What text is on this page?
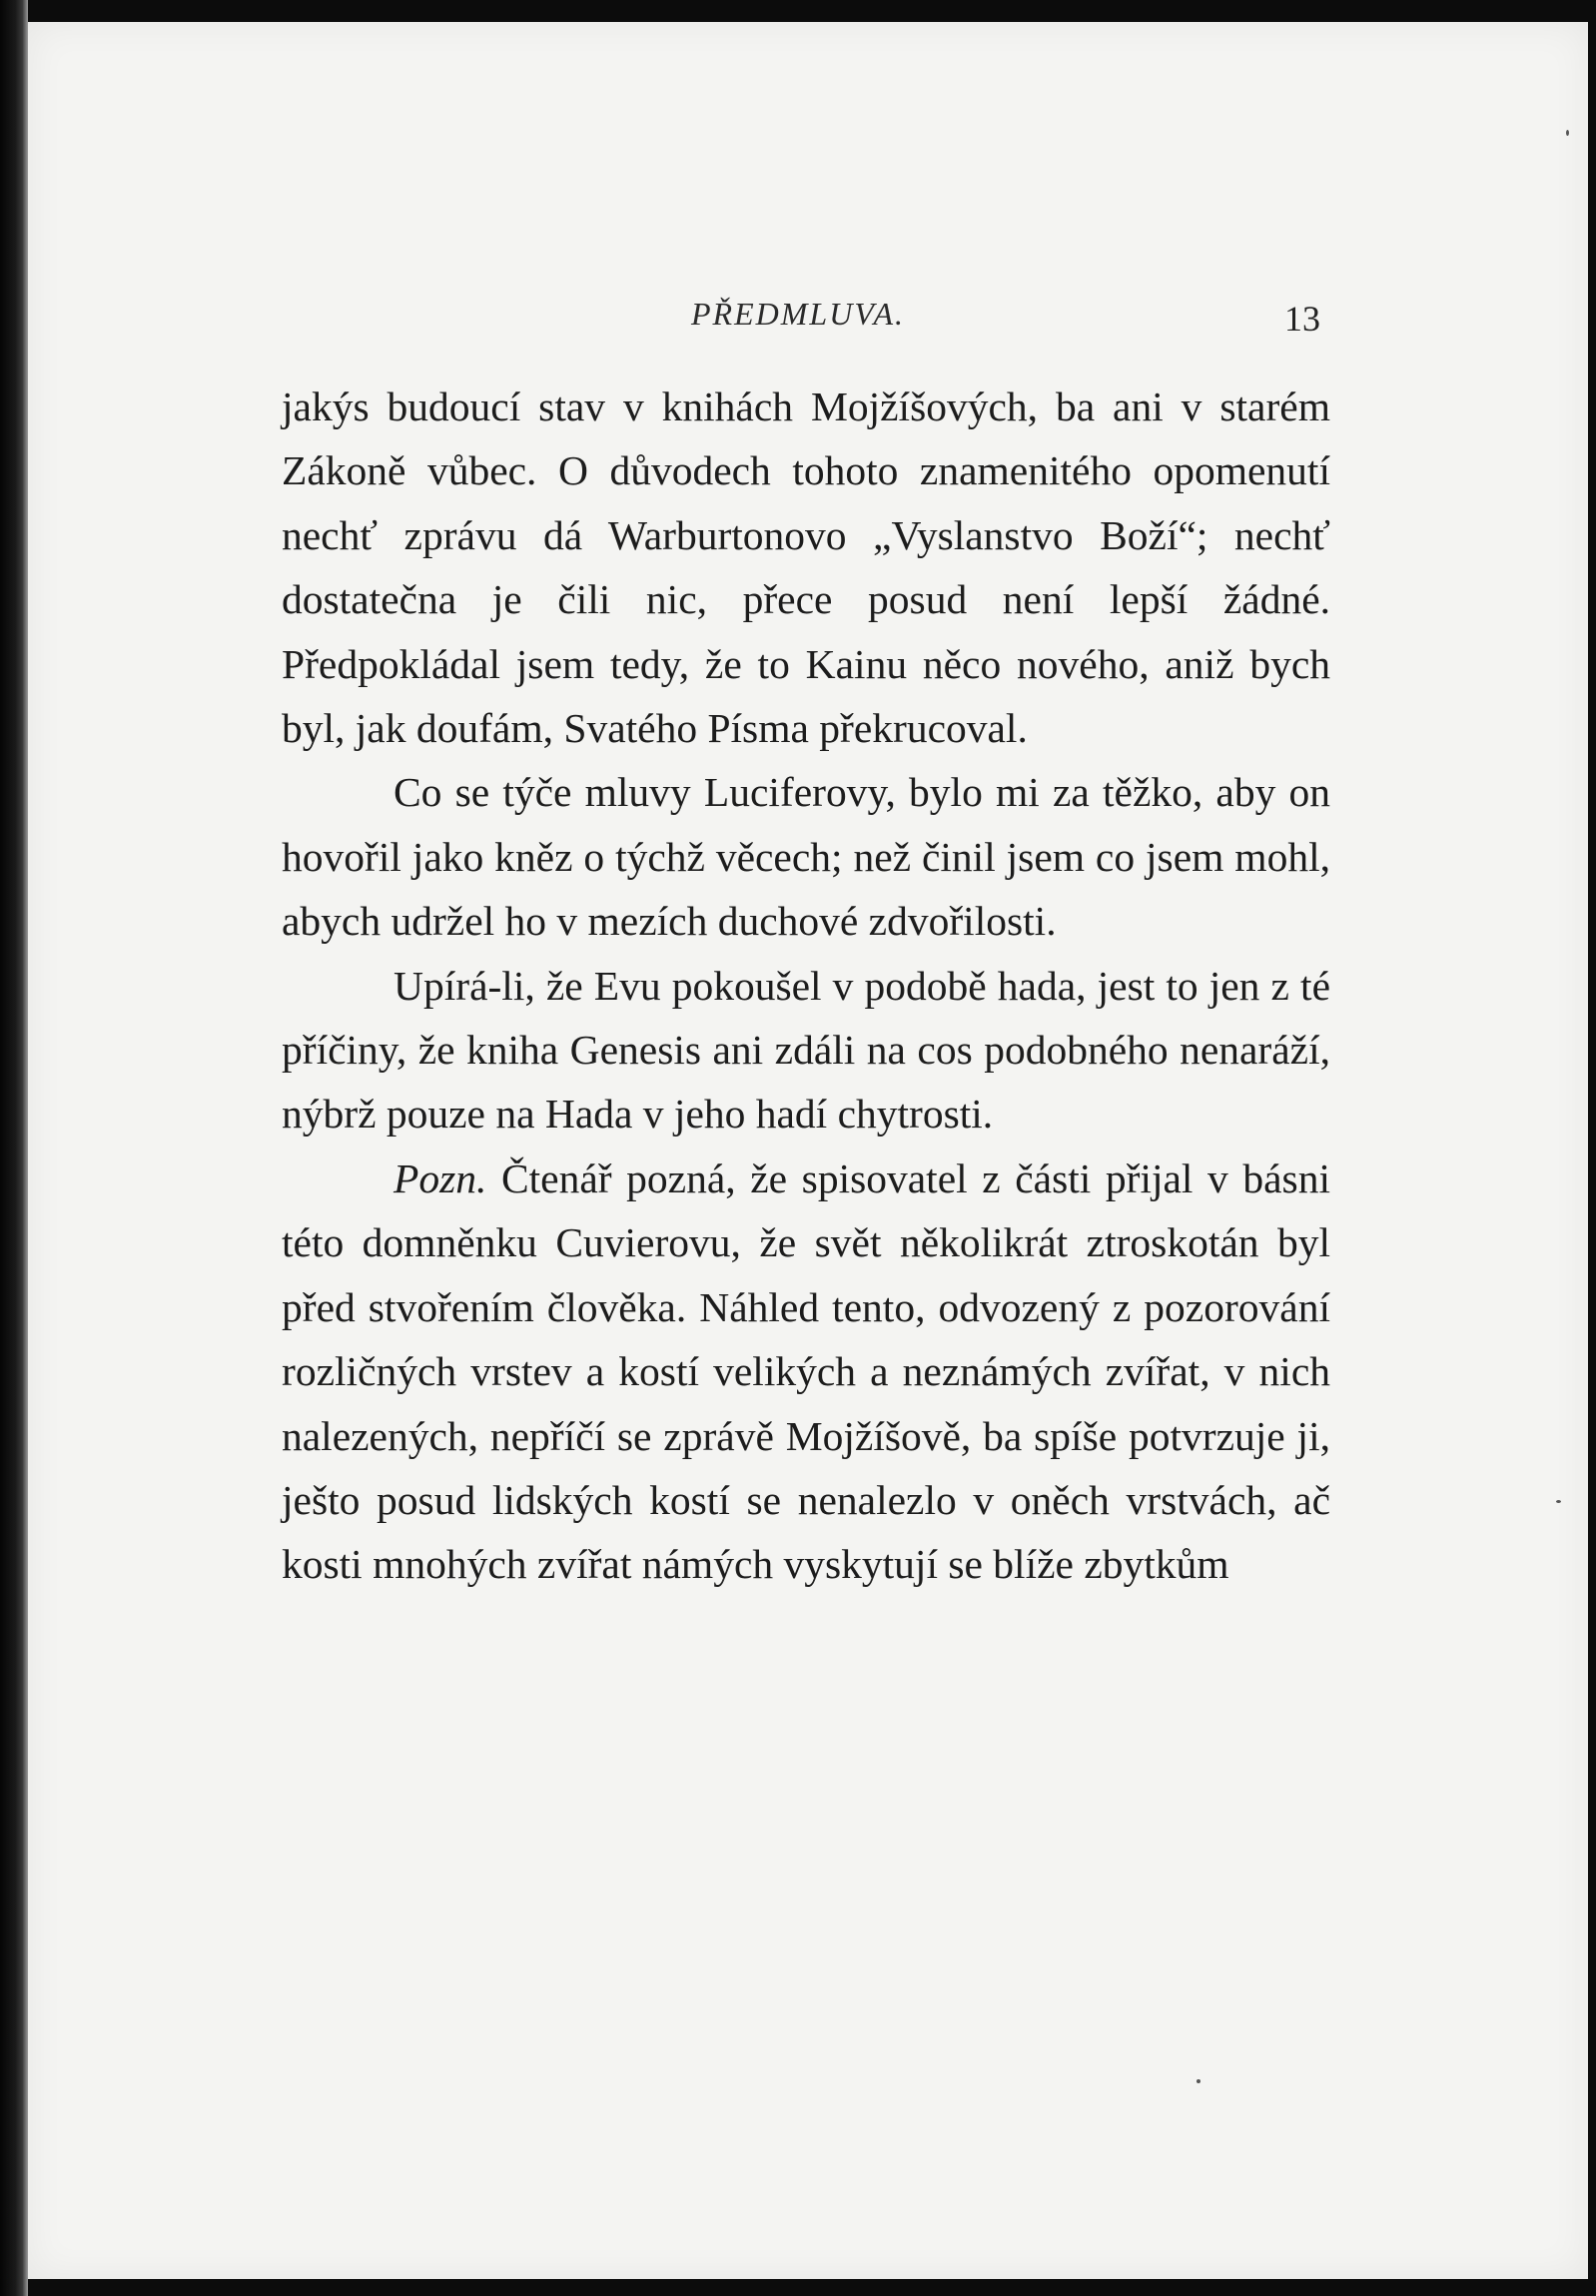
PŘEDMLUVA.	13

jakýs budoucí stav v knihách Mojžíšových, ba ani v starém Zákoně vůbec. O důvodech tohoto znamenitého opomenutí nechť zprávu dá Warburtonovo „Vyslanstvo Boží“; nechť dostatečna je čili nic, přece posud není lepší žádné. Předpokládal jsem tedy, že to Kainu něco nového, aniž bych byl, jak doufám, Svatého Písma překrucoval.

Co se týče mluvy Luciferovy, bylo mi za těžko, aby on hovořil jako kněz o týchž věcech; než činil jsem co jsem mohl, abych udržel ho v mezích duchové zdvořilosti.

Upírá-li, že Evu pokoušel v podobě hada, jest to jen z té příčiny, že kniha Genesis ani zdáli na cos podobného nenaráží, nýbrž pouze na Hada v jeho hadí chytrosti.

Pozn. Čtenář pozná, že spisovatel z části přijal v básni této domněnku Cuvierovu, že svět několikrát ztroskotán byl před stvořením člověka. Náhled tento, odvozený z pozorování rozličných vrstev a kostí velikých a neznámých zvířat, v nich nalezených, nepříčí se zprávě Mojžíšově, ba spíše potvrzuje ji, ješto posud lidských kostí se nenalezlo v oněch vrstvách, ač kosti mnohých zvířat námých vyskytují se blíže zbytkům
